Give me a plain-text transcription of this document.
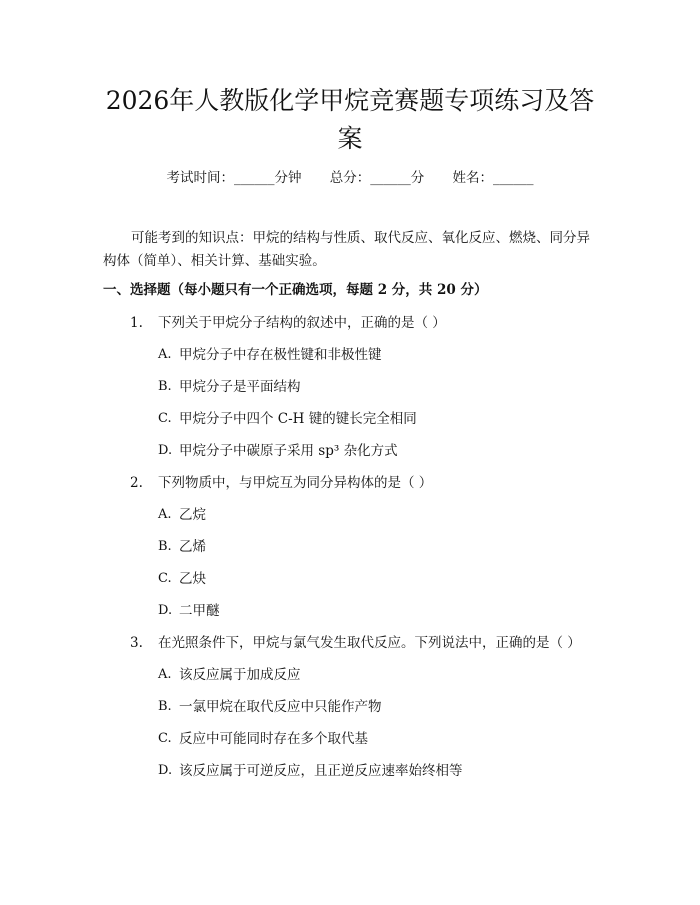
2026年人教版化学甲烷竞赛题专项练习及答
案
考试时间：______分钟 总分：______分 姓名：______

可能考到的知识点：甲烷的结构与性质、取代反应、氧化反应、燃烧、同分异构体（简单）、相关计算、基础实验。

一、选择题（每小题只有一个正确选项，每题 2 分，共 20 分）
1. 下列关于甲烷分子结构的叙述中，正确的是（ ）
A. 甲烷分子中存在极性键和非极性键
B. 甲烷分子是平面结构
C. 甲烷分子中四个 C-H 键的键长完全相同
D. 甲烷分子中碳原子采用 sp³ 杂化方式
2. 下列物质中，与甲烷互为同分异构体的是（ ）
A. 乙烷
B. 乙烯
C. 乙炔
D. 二甲醚
3. 在光照条件下，甲烷与氯气发生取代反应。下列说法中，正确的是（ ）
A. 该反应属于加成反应
B. 一氯甲烷在取代反应中只能作产物
C. 反应中可能同时存在多个取代基
D. 该反应属于可逆反应，且正逆反应速率始终相等
